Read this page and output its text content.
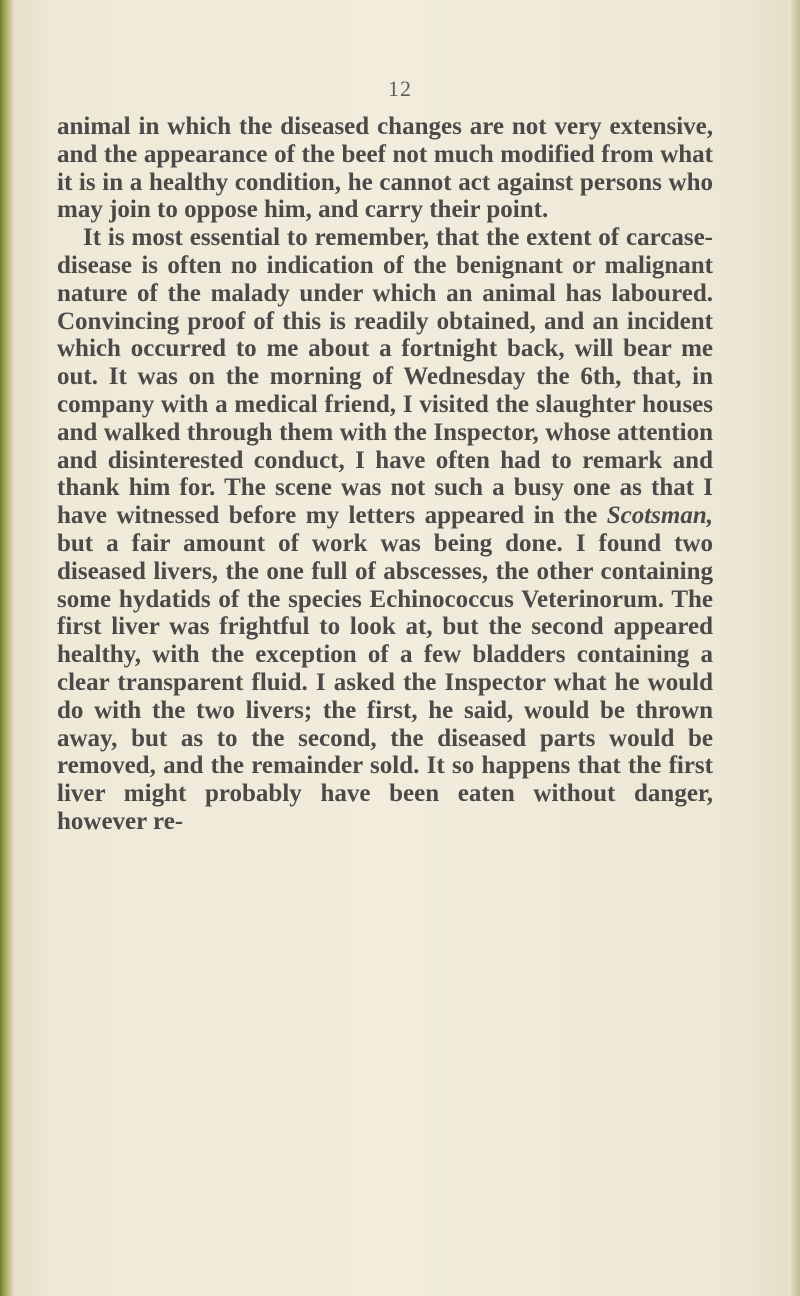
12

animal in which the diseased changes are not very extensive, and the appearance of the beef not much modified from what it is in a healthy condition, he cannot act against persons who may join to oppose him, and carry their point.

It is most essential to remember, that the extent of carcase-disease is often no indication of the benignant or malignant nature of the malady under which an animal has laboured. Convincing proof of this is readily obtained, and an incident which occurred to me about a fortnight back, will bear me out. It was on the morning of Wednesday the 6th, that, in company with a medical friend, I visited the slaughter houses and walked through them with the Inspector, whose attention and disinterested conduct, I have often had to remark and thank him for. The scene was not such a busy one as that I have witnessed before my letters appeared in the Scotsman, but a fair amount of work was being done. I found two diseased livers, the one full of abscesses, the other containing some hydatids of the species Echinococcus Veterinorum. The first liver was frightful to look at, but the second appeared healthy, with the exception of a few bladders containing a clear transparent fluid. I asked the Inspector what he would do with the two livers; the first, he said, would be thrown away, but as to the second, the diseased parts would be removed, and the remainder sold. It so happens that the first liver might probably have been eaten without danger, however re-
